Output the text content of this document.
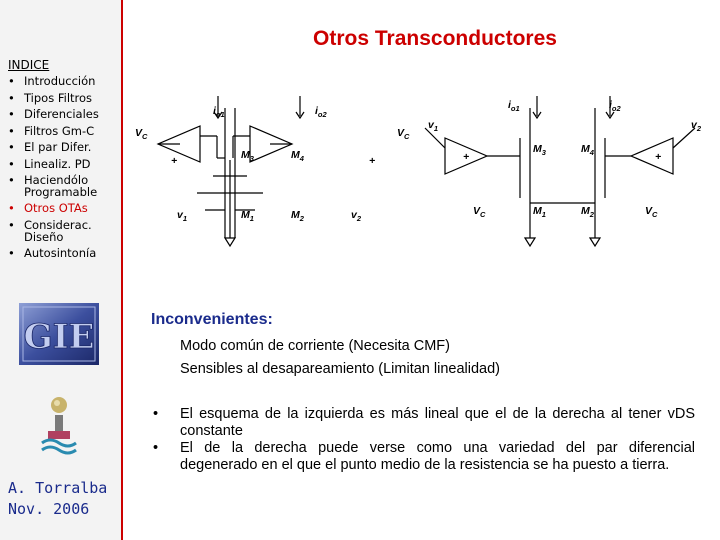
INDICE
• Introducción
• Tipos Filtros
• Diferenciales
• Filtros Gm-C
• El par Difer.
• Linealiz. PD
• Haciendólo Programable
• Otros OTAs
• Considerac. Diseño
• Autosintonía
GIE
A. Torralba
Nov. 2006
Otros Transconductores
$i_{o1}$	$i_{o2}$
$V_C$	$V_C$
$M_3$	$M_4$
$v_1$	$M_1$	$M_2$	$v_2$
+	+
$i_{o1}$	$i_{o2}$
$v_1$	$v_2$
$M_3$	$M_4$
+	+
$V_C$	$M_1$	$M_2$	$V_C$
Inconvenientes:
Modo común de corriente (Necesita CMF)
Sensibles al desapareamiento (Limitan linealidad)
• El esquema de la izquierda es más lineal que el de la derecha al tener vDS constante
• El de la derecha puede verse como una variedad del par diferencial degenerado en el que el punto medio de la resistencia se ha puesto a tierra.
